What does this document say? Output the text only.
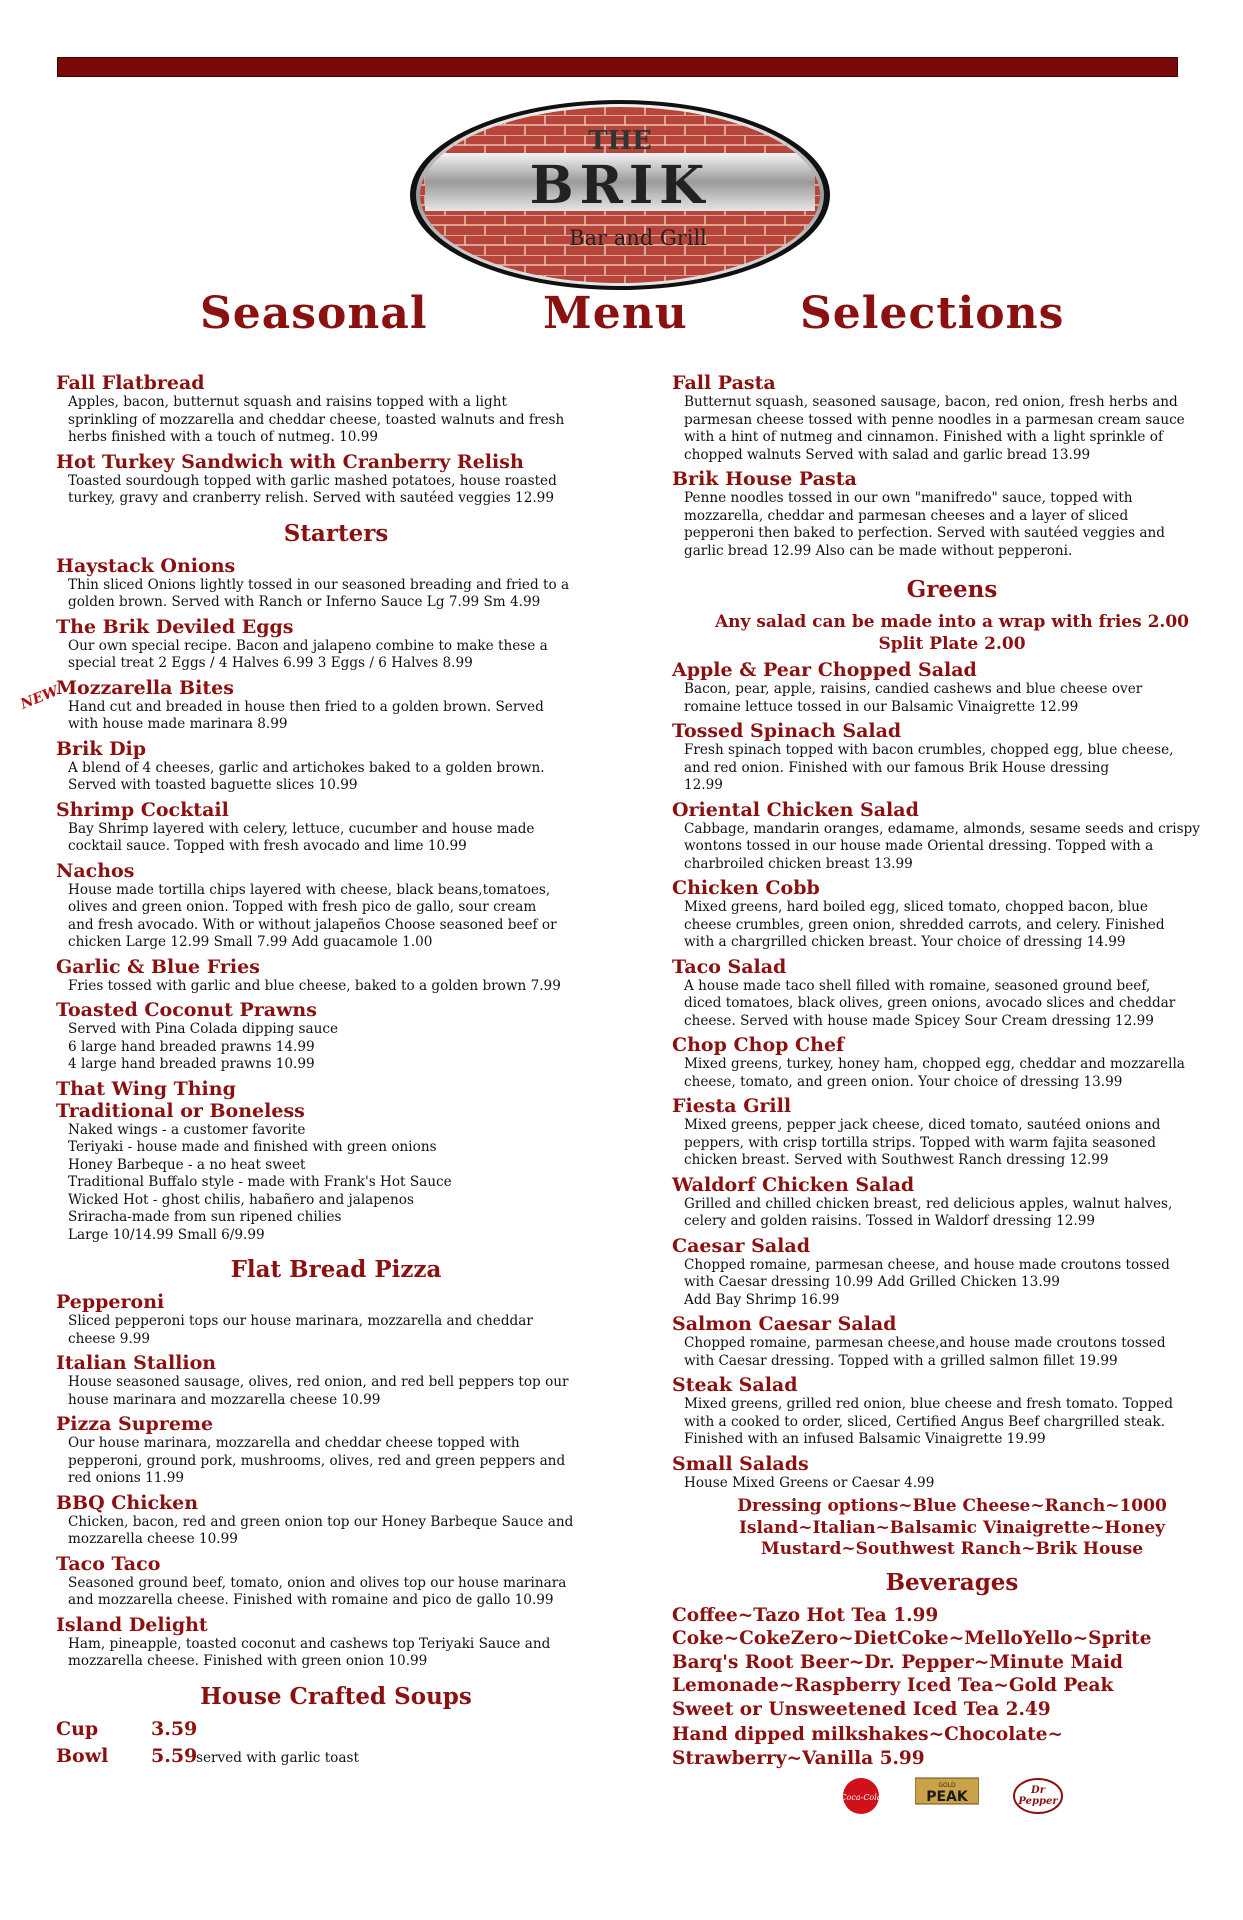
THE
BRIK
Bar and Grill
Seasonal	Menu	Selections
NEW
Fall Flatbread
Apples, bacon, butternut squash and raisins topped with a light
sprinkling of mozzarella and cheddar cheese, toasted walnuts and fresh
herbs finished with a touch of nutmeg. 10.99
Hot Turkey Sandwich with Cranberry Relish
Toasted sourdough topped with garlic mashed potatoes, house roasted
turkey, gravy and cranberry relish. Served with sautéed veggies 12.99
Starters
Haystack Onions
Thin sliced Onions lightly tossed in our seasoned breading and fried to a
golden brown. Served with Ranch or Inferno Sauce Lg 7.99 Sm 4.99
The Brik Deviled Eggs
Our own special recipe. Bacon and jalapeno combine to make these a
special treat 2 Eggs / 4 Halves 6.99 3 Eggs / 6 Halves 8.99
Mozzarella Bites
Hand cut and breaded in house then fried to a golden brown. Served
with house made marinara 8.99
Brik Dip
A blend of 4 cheeses, garlic and artichokes baked to a golden brown.
Served with toasted baguette slices 10.99
Shrimp Cocktail
Bay Shrimp layered with celery, lettuce, cucumber and house made
cocktail sauce. Topped with fresh avocado and lime 10.99
Nachos
House made tortilla chips layered with cheese, black beans,tomatoes,
olives and green onion. Topped with fresh pico de gallo, sour cream
and fresh avocado. With or without jalapeños Choose seasoned beef or
chicken Large 12.99 Small 7.99 Add guacamole 1.00
Garlic & Blue Fries
Fries tossed with garlic and blue cheese, baked to a golden brown 7.99
Toasted Coconut Prawns
Served with Pina Colada dipping sauce
6 large hand breaded prawns 14.99
4 large hand breaded prawns 10.99
That Wing Thing
Traditional or Boneless
Naked wings - a customer favorite
Teriyaki - house made and finished with green onions
Honey Barbeque - a no heat sweet
Traditional Buffalo style - made with Frank's Hot Sauce
Wicked Hot - ghost chilis, habañero and jalapenos
Sriracha-made from sun ripened chilies
Large 10/14.99 Small 6/9.99
Flat Bread Pizza
Pepperoni
Sliced pepperoni tops our house marinara, mozzarella and cheddar
cheese 9.99
Italian Stallion
House seasoned sausage, olives, red onion, and red bell peppers top our
house marinara and mozzarella cheese 10.99
Pizza Supreme
Our house marinara, mozzarella and cheddar cheese topped with
pepperoni, ground pork, mushrooms, olives, red and green peppers and
red onions 11.99
BBQ Chicken
Chicken, bacon, red and green onion top our Honey Barbeque Sauce and
mozzarella cheese 10.99
Taco Taco
Seasoned ground beef, tomato, onion and olives top our house marinara
and mozzarella cheese. Finished with romaine and pico de gallo 10.99
Island Delight
Ham, pineapple, toasted coconut and cashews top Teriyaki Sauce and
mozzarella cheese. Finished with green onion 10.99
House Crafted Soups
Cup	3.59
Bowl	5.59
served with garlic toast
Fall Pasta
Butternut squash, seasoned sausage, bacon, red onion, fresh herbs and
parmesan cheese tossed with penne noodles in a parmesan cream sauce
with a hint of nutmeg and cinnamon. Finished with a light sprinkle of
chopped walnuts Served with salad and garlic bread 13.99
Brik House Pasta
Penne noodles tossed in our own "manifredo" sauce, topped with
mozzarella, cheddar and parmesan cheeses and a layer of sliced
pepperoni then baked to perfection. Served with sautéed veggies and
garlic bread 12.99 Also can be made without pepperoni.
Greens
Any salad can be made into a wrap with fries 2.00
Split Plate 2.00
Apple & Pear Chopped Salad
Bacon, pear, apple, raisins, candied cashews and blue cheese over
romaine lettuce tossed in our Balsamic Vinaigrette 12.99
Tossed Spinach Salad
Fresh spinach topped with bacon crumbles, chopped egg, blue cheese,
and red onion. Finished with our famous Brik House dressing
12.99
Oriental Chicken Salad
Cabbage, mandarin oranges, edamame, almonds, sesame seeds and crispy
wontons tossed in our house made Oriental dressing. Topped with a
charbroiled chicken breast 13.99
Chicken Cobb
Mixed greens, hard boiled egg, sliced tomato, chopped bacon, blue
cheese crumbles, green onion, shredded carrots, and celery. Finished
with a chargrilled chicken breast. Your choice of dressing 14.99
Taco Salad
A house made taco shell filled with romaine, seasoned ground beef,
diced tomatoes, black olives, green onions, avocado slices and cheddar
cheese. Served with house made Spicey Sour Cream dressing 12.99
Chop Chop Chef
Mixed greens, turkey, honey ham, chopped egg, cheddar and mozzarella
cheese, tomato, and green onion. Your choice of dressing 13.99
Fiesta Grill
Mixed greens, pepper jack cheese, diced tomato, sautéed onions and
peppers, with crisp tortilla strips. Topped with warm fajita seasoned
chicken breast. Served with Southwest Ranch dressing 12.99
Waldorf Chicken Salad
Grilled and chilled chicken breast, red delicious apples, walnut halves,
celery and golden raisins. Tossed in Waldorf dressing 12.99
Caesar Salad
Chopped romaine, parmesan cheese, and house made croutons tossed
with Caesar dressing 10.99 Add Grilled Chicken 13.99
Add Bay Shrimp 16.99
Salmon Caesar Salad
Chopped romaine, parmesan cheese,and house made croutons tossed
with Caesar dressing. Topped with a grilled salmon fillet 19.99
Steak Salad
Mixed greens, grilled red onion, blue cheese and fresh tomato. Topped
with a cooked to order, sliced, Certified Angus Beef chargrilled steak.
Finished with an infused Balsamic Vinaigrette 19.99
Small Salads
House Mixed Greens or Caesar 4.99
Dressing options~Blue Cheese~Ranch~1000
Island~Italian~Balsamic Vinaigrette~Honey
Mustard~Southwest Ranch~Brik House
Beverages
Coffee~Tazo Hot Tea 1.99
Coke~CokeZero~DietCoke~MelloYello~Sprite
Barq's Root Beer~Dr. Pepper~Minute Maid
Lemonade~Raspberry Iced Tea~Gold Peak
Sweet or Unsweetened Iced Tea 2.49
Hand dipped milkshakes~Chocolate~
Strawberry~Vanilla 5.99
Coca-Cola
GOLD
PEAK	Dr
Pepper
